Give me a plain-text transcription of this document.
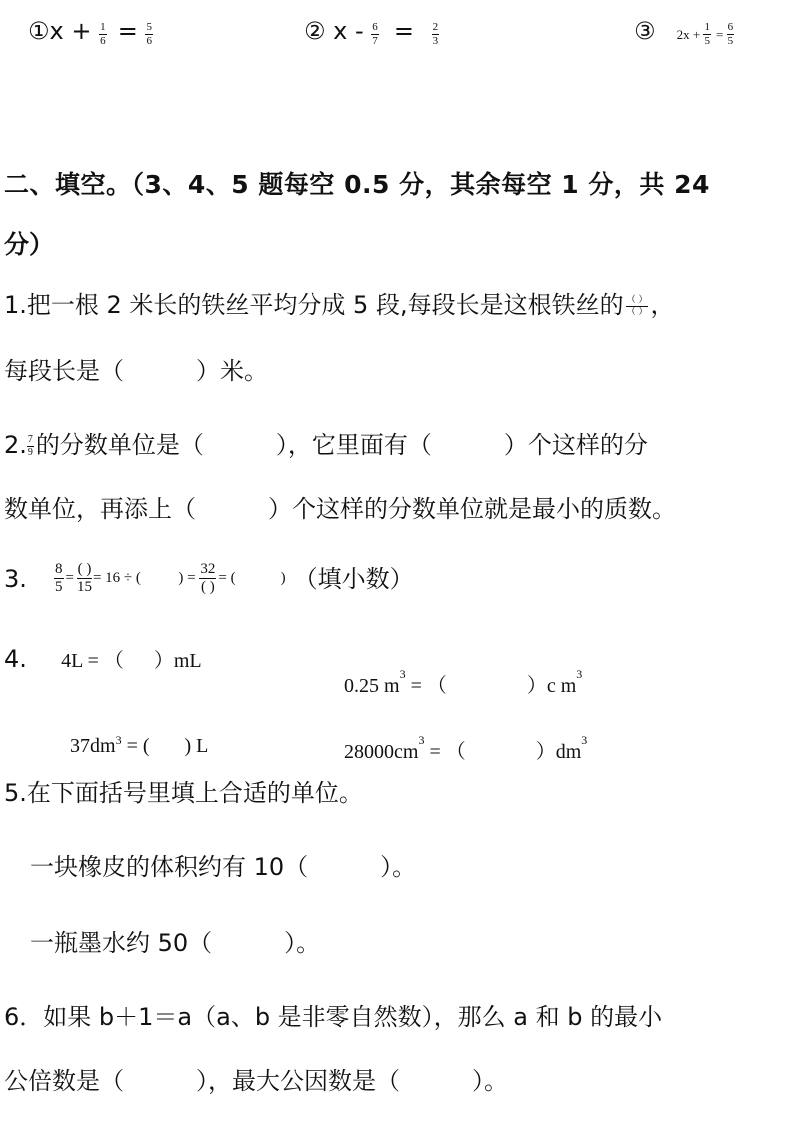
①x + $\frac{1}{6} = \frac{5}{6}$	② $x - \frac{6}{7} = \frac{2}{3}$	③ $2x + \frac{1}{5} = \frac{6}{5}$
二、填空。（3、4、5 题每空 0.5 分，其余每空 1 分，共 24
分）
1.把一根 2 米长的铁丝平均分成 5 段,每段长是这根铁丝的 $\frac{( )}{( )}$ ，
每段长是（　　　）米。
2. $\frac{7}{9}$ 的分数单位是（　　　），它里面有（　　　）个这样的分
数单位，再添上（　　　）个这样的分数单位就是最小的质数。
3.	$\frac{8}{5} = \frac{( )}{15} = 16$ ÷ (          ) = $\frac{32}{( )}$ = (            ) （填小数）
4. 4L = （      ）mL

0.25 $m^3$ = （                ）c $m^3$

$37dm^3$ = (       ) L	$28000cm^3$ = （              ）$dm^3$

5.在下面括号里填上合适的单位。
一块橡皮的体积约有 10（　　　）。
一瓶墨水约 50（　　　）。
6．如果 b＋1＝a（a、b 是非零自然数），那么 a 和 b 的最小
公倍数是（　　　），最大公因数是（　　　）。
